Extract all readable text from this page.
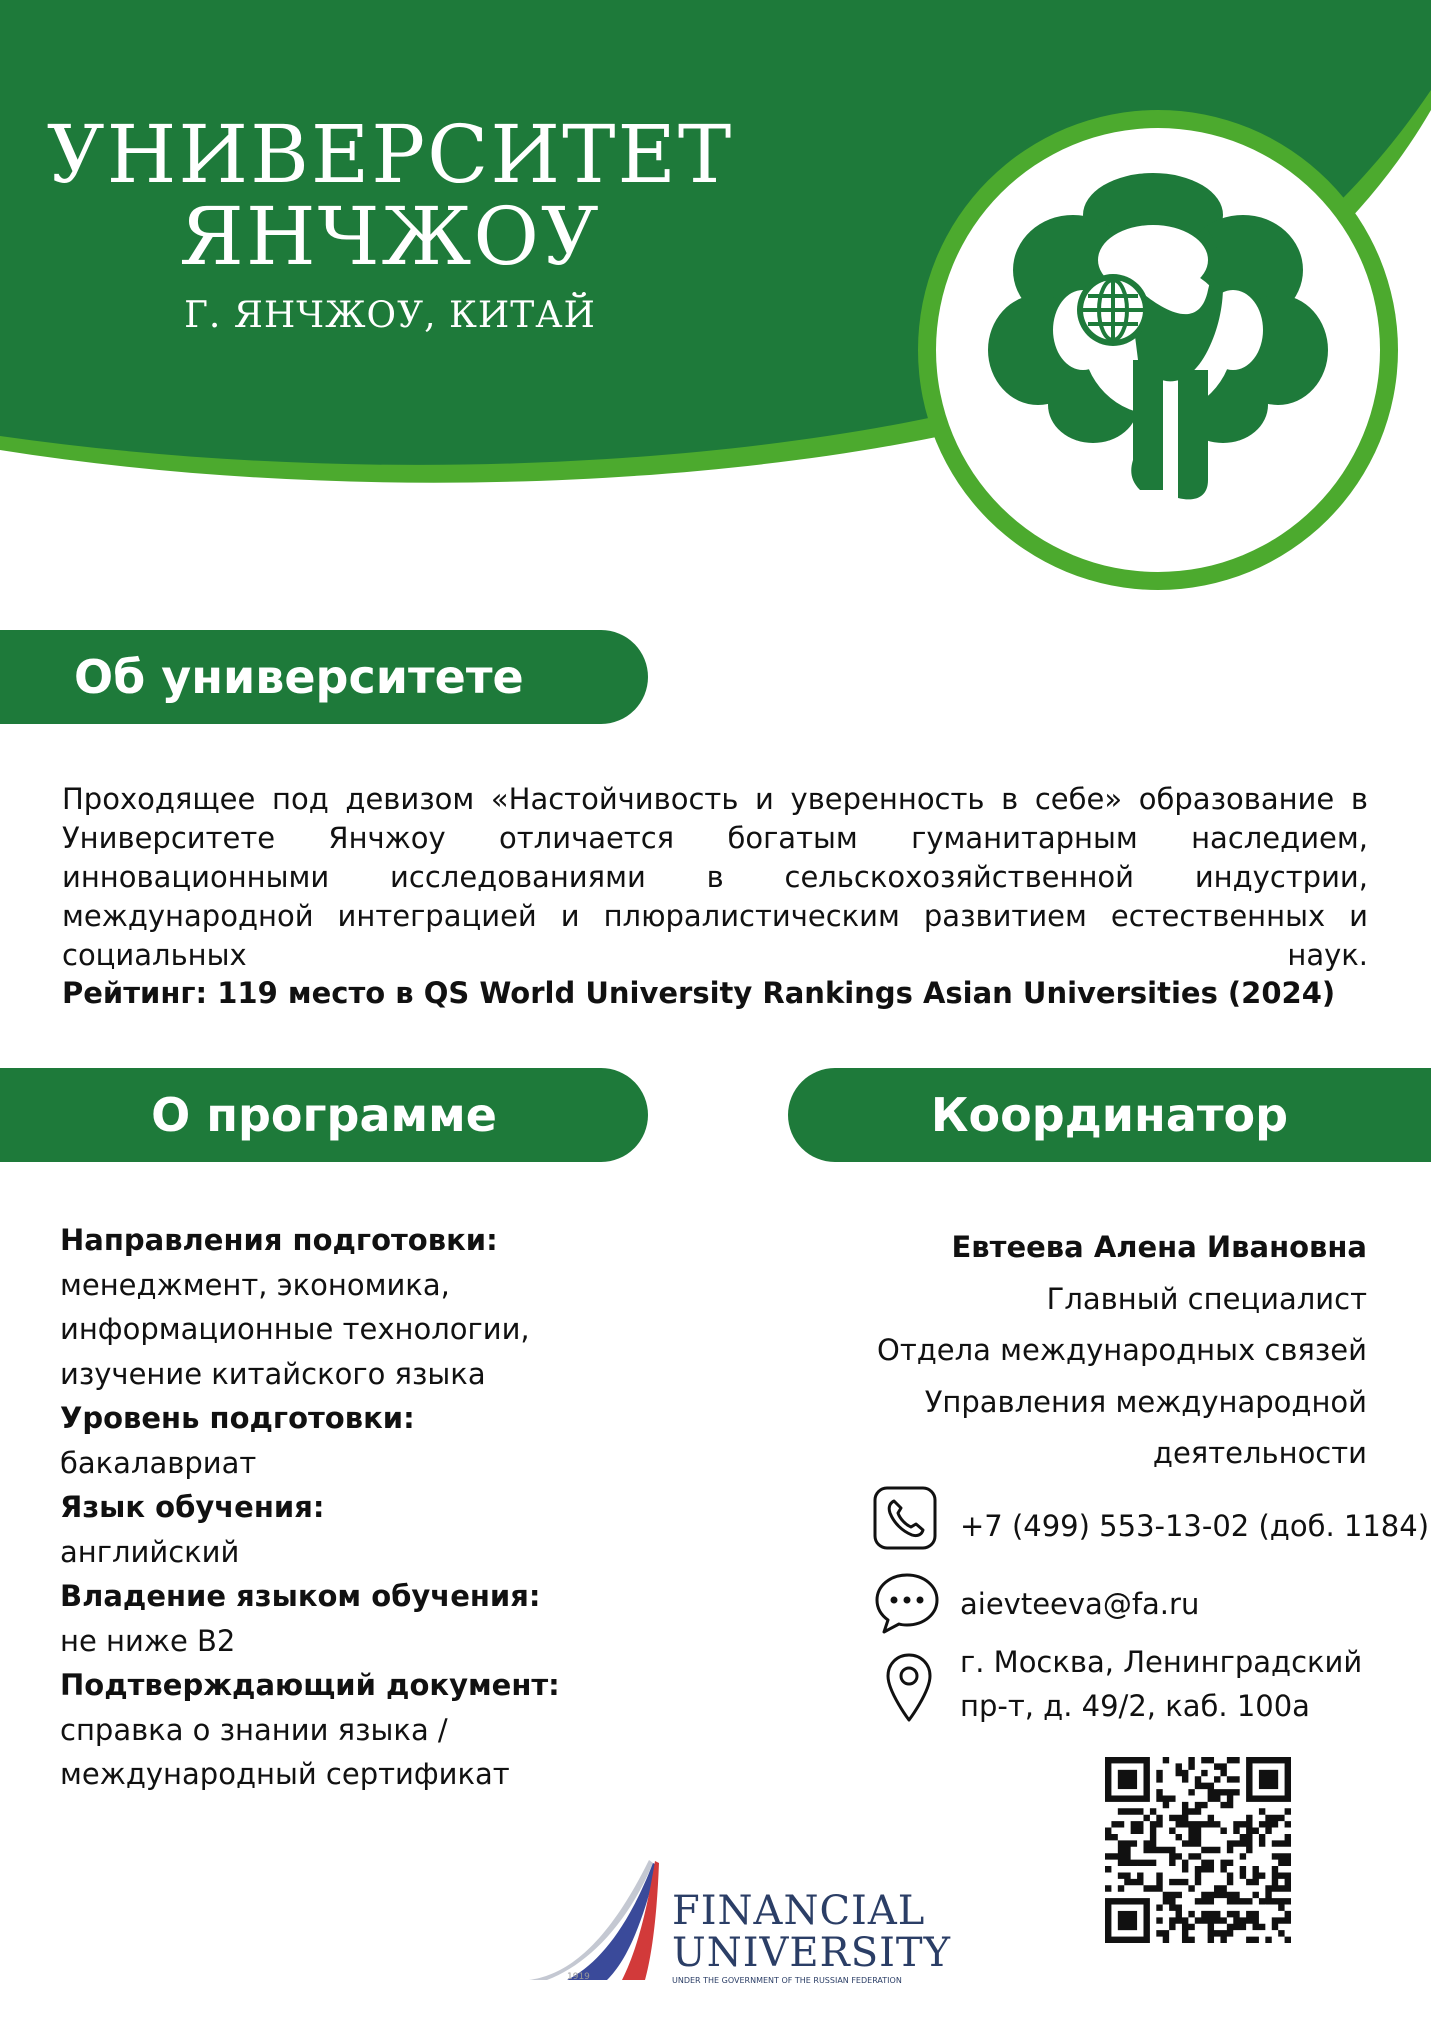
УНИВЕРСИТЕТ
ЯНЧЖОУ
Г. ЯНЧЖОУ, КИТАЙ
Об университете
Проходящее под девизом «Настойчивость и уверенность в себе» образование в Университете Янчжоу отличается богатым гуманитарным наследием, инновационными исследованиями в сельскохозяйственной индустрии, международной интеграцией и плюралистическим развитием естественных и социальных наук.
Рейтинг: 119 место в QS World University Rankings Asian Universities (2024)
О программе	Координатор
Направления подготовки:
менеджмент, экономика, информационные технологии, изучение китайского языка
Уровень подготовки:
бакалавриат
Язык обучения:
английский
Владение языком обучения:
не ниже B2
Подтверждающий документ:
справка о знании языка / международный сертификат
Евтеева Алена Ивановна
Главный специалист
Отдела международных связей
Управления международной
деятельности
+7 (499) 553-13-02 (доб. 1184)
aievteeva@fa.ru
г. Москва, Ленинградский
пр-т, д. 49/2, каб. 100а
1919
FINANCIAL
UNIVERSITY
UNDER THE GOVERNMENT OF THE RUSSIAN FEDERATION
